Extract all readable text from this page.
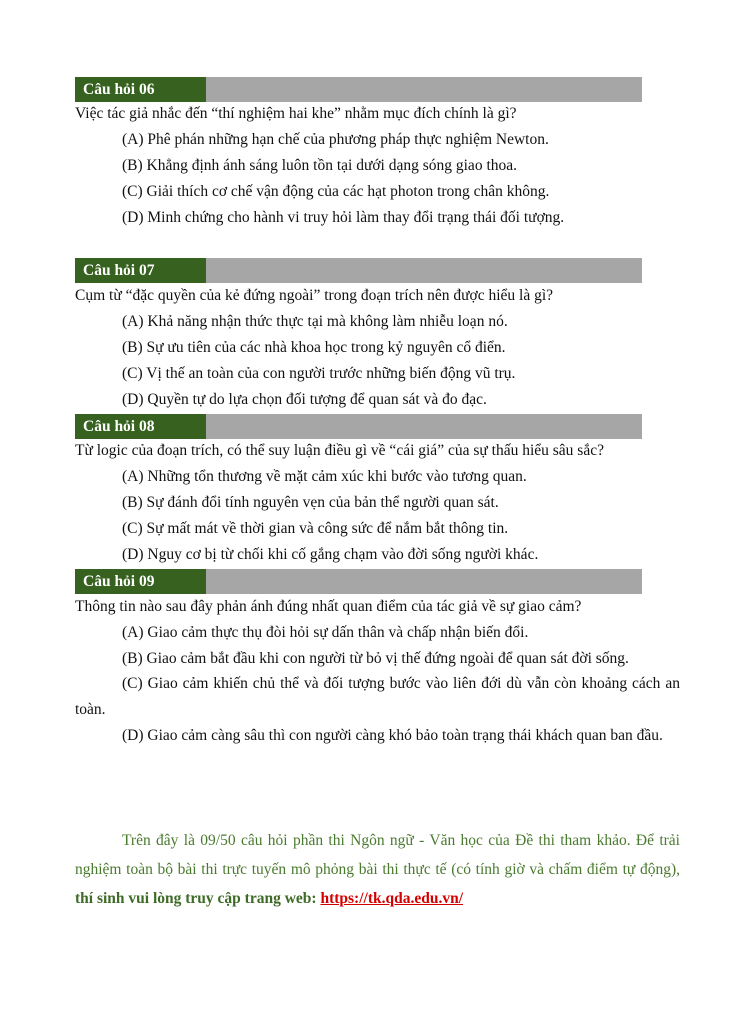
Câu hỏi 06
Việc tác giả nhắc đến “thí nghiệm hai khe” nhằm mục đích chính là gì?
(A) Phê phán những hạn chế của phương pháp thực nghiệm Newton.
(B) Khẳng định ánh sáng luôn tồn tại dưới dạng sóng giao thoa.
(C) Giải thích cơ chế vận động của các hạt photon trong chân không.
(D) Minh chứng cho hành vi truy hỏi làm thay đổi trạng thái đối tượng.
Câu hỏi 07
Cụm từ “đặc quyền của kẻ đứng ngoài” trong đoạn trích nên được hiểu là gì?
(A) Khả năng nhận thức thực tại mà không làm nhiễu loạn nó.
(B) Sự ưu tiên của các nhà khoa học trong kỷ nguyên cổ điển.
(C) Vị thế an toàn của con người trước những biến động vũ trụ.
(D) Quyền tự do lựa chọn đối tượng để quan sát và đo đạc.
Câu hỏi 08
Từ logic của đoạn trích, có thể suy luận điều gì về “cái giá” của sự thấu hiểu sâu sắc?
(A) Những tổn thương về mặt cảm xúc khi bước vào tương quan.
(B) Sự đánh đổi tính nguyên vẹn của bản thể người quan sát.
(C) Sự mất mát về thời gian và công sức để nắm bắt thông tin.
(D) Nguy cơ bị từ chối khi cố gắng chạm vào đời sống người khác.
Câu hỏi 09
Thông tin nào sau đây phản ánh đúng nhất quan điểm của tác giả về sự giao cảm?
(A) Giao cảm thực thụ đòi hỏi sự dấn thân và chấp nhận biến đổi.
(B) Giao cảm bắt đầu khi con người từ bỏ vị thế đứng ngoài để quan sát đời sống.
(C) Giao cảm khiến chủ thể và đối tượng bước vào liên đới dù vẫn còn khoảng cách an toàn.
(D) Giao cảm càng sâu thì con người càng khó bảo toàn trạng thái khách quan ban đầu.
Trên đây là 09/50 câu hỏi phần thi Ngôn ngữ - Văn học của Đề thi tham khảo. Để trải nghiệm toàn bộ bài thi trực tuyến mô phỏng bài thi thực tế (có tính giờ và chấm điểm tự động), thí sinh vui lòng truy cập trang web: https://tk.qda.edu.vn/
